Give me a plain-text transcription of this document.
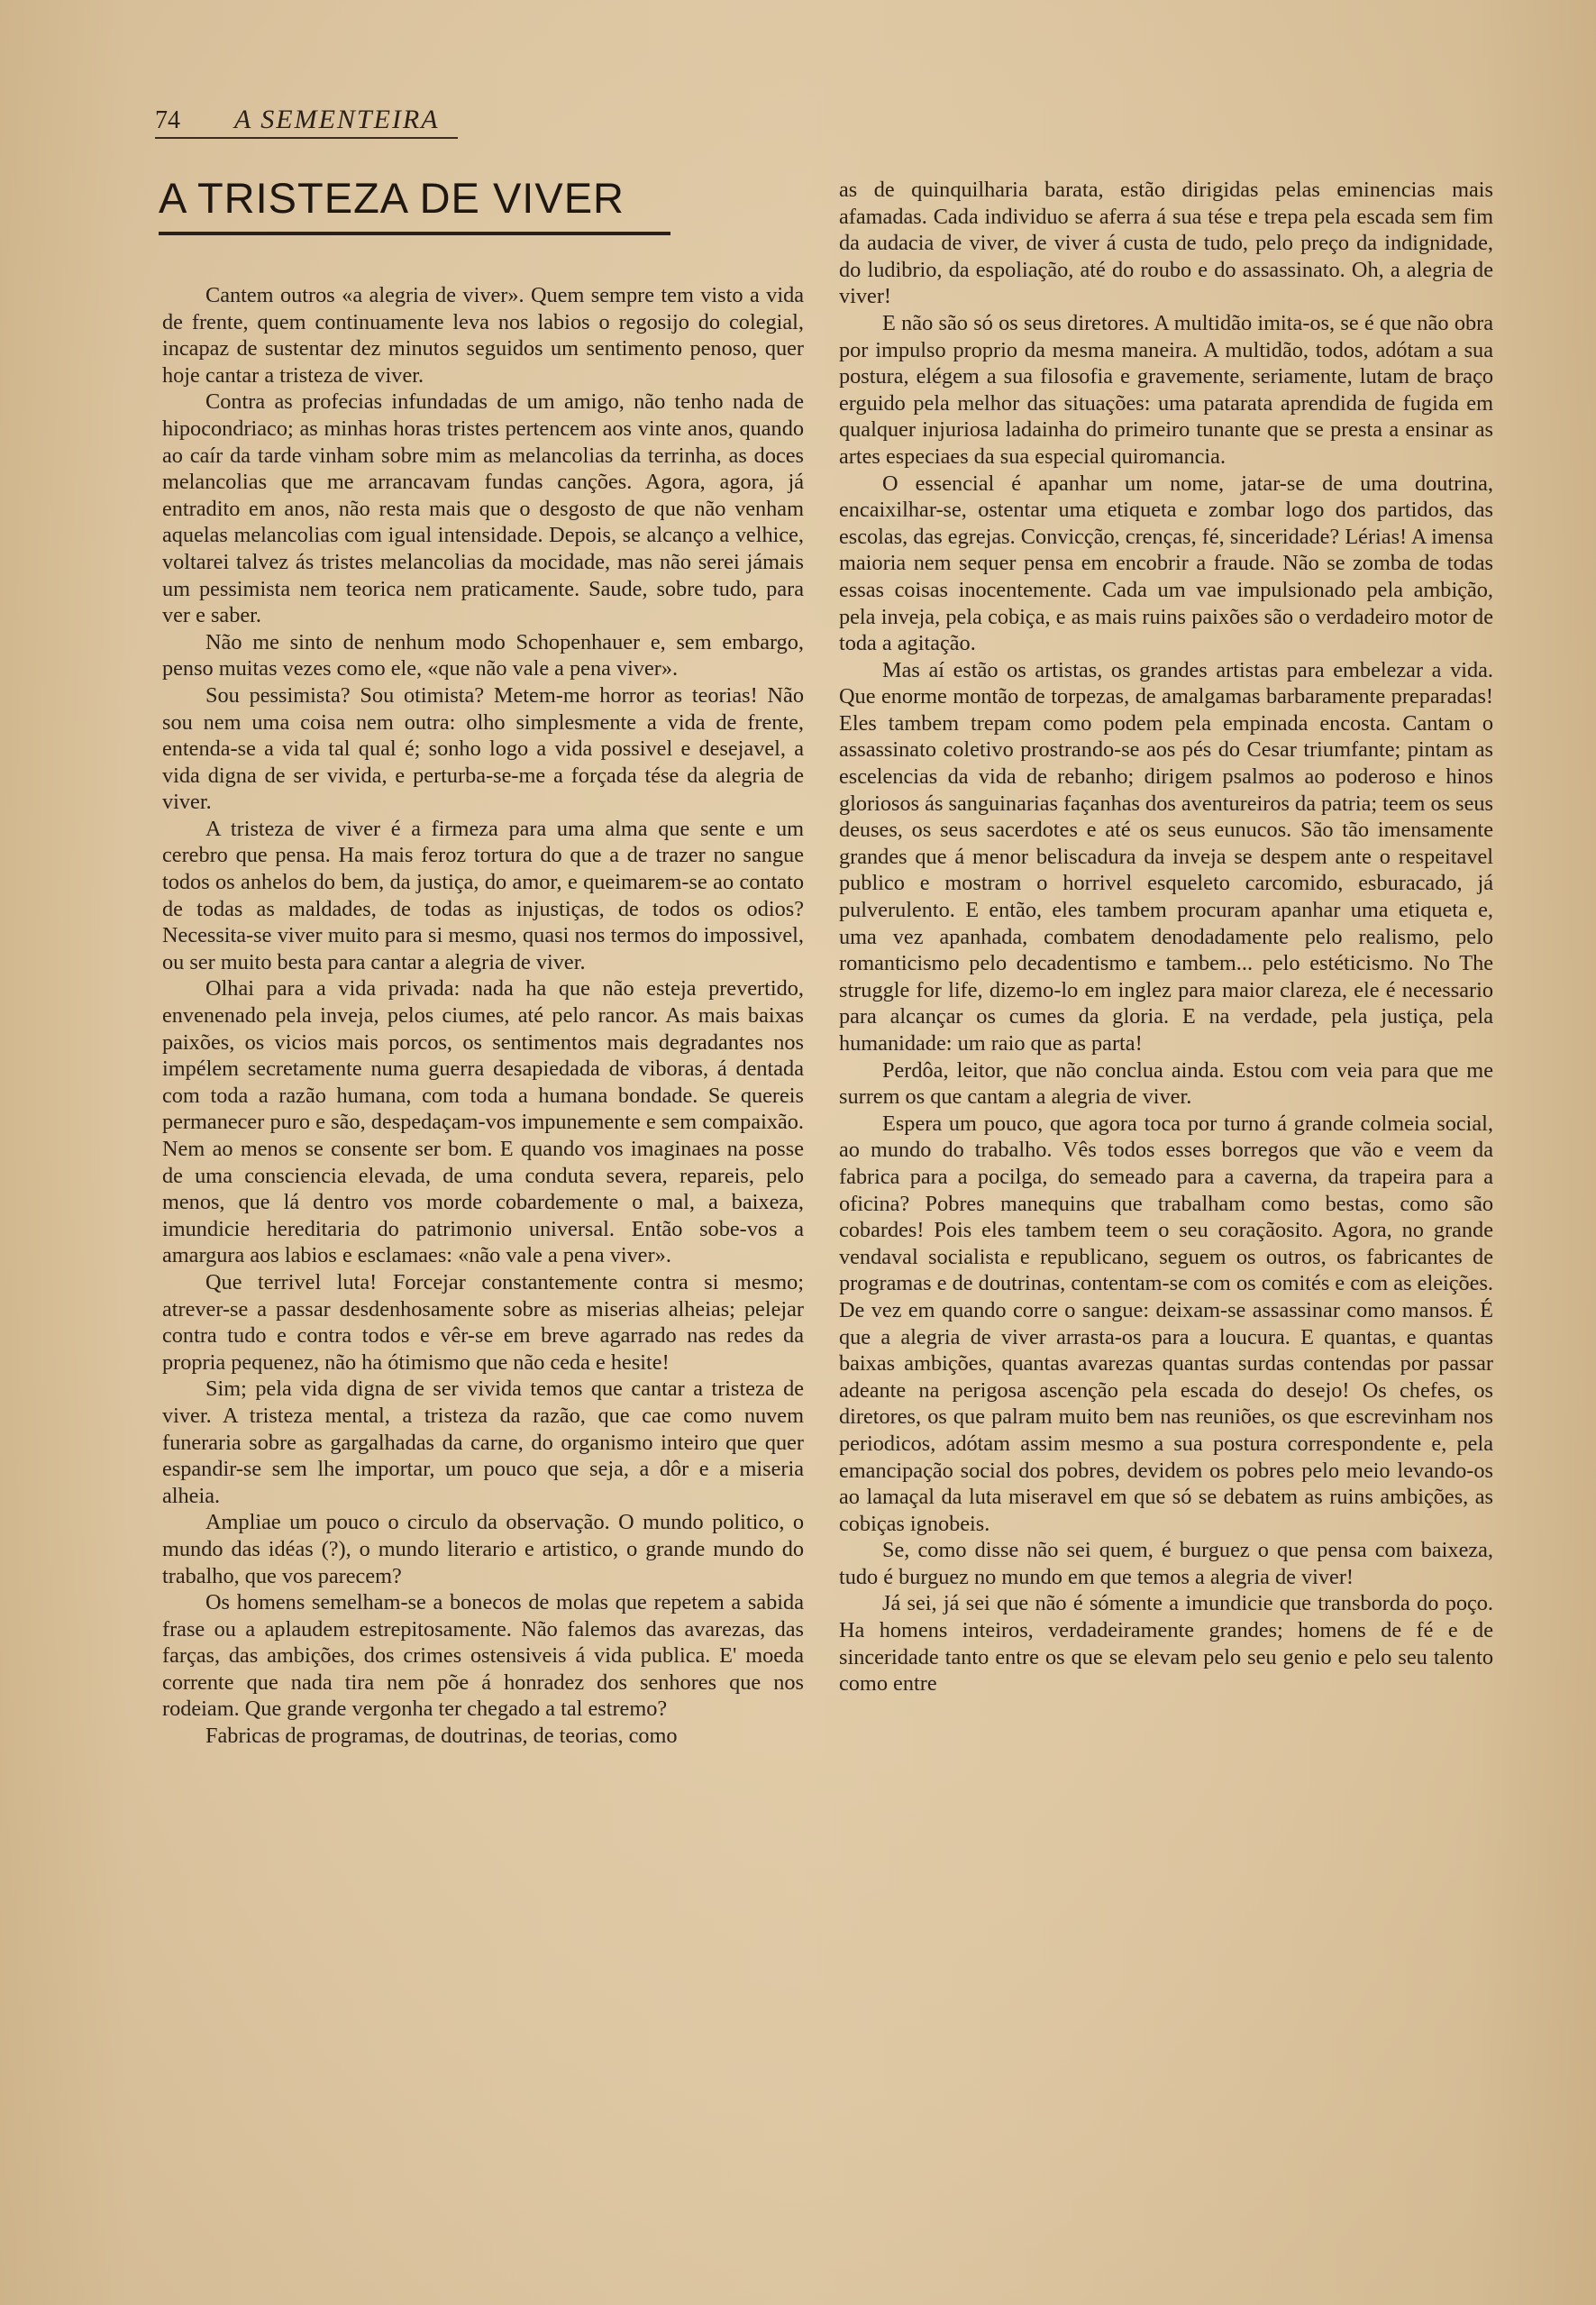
74 A SEMENTEIRA
A TRISTEZA DE VIVER

Cantem outros «a alegria de viver». Quem sempre tem visto a vida de frente, quem continuamente leva nos labios o regosijo do colegial, incapaz de sustentar dez minutos seguidos um sentimento penoso, quer hoje cantar a tristeza de viver.

Contra as profecias infundadas de um amigo, não tenho nada de hipocondriaco; as minhas horas tristes pertencem aos vinte anos, quando ao caír da tarde vinham sobre mim as melancolias da terrinha, as doces melancolias que me arrancavam fundas canções. Agora, agora, já entradito em anos, não resta mais que o desgosto de que não venham aquelas melancolias com igual intensidade. Depois, se alcanço a velhice, voltarei talvez ás tristes melancolias da mocidade, mas não serei jámais um pessimista nem teorica nem praticamente. Saude, sobre tudo, para ver e saber.

Não me sinto de nenhum modo Schopenhauer e, sem embargo, penso muitas vezes como ele, «que não vale a pena viver».

Sou pessimista? Sou otimista? Metem-me horror as teorias! Não sou nem uma coisa nem outra: olho simplesmente a vida de frente, entenda-se a vida tal qual é; sonho logo a vida possivel e desejavel, a vida digna de ser vivida, e perturba-se-me a forçada tése da alegria de viver.

A tristeza de viver é a firmeza para uma alma que sente e um cerebro que pensa. Ha mais feroz tortura do que a de trazer no sangue todos os anhelos do bem, da justiça, do amor, e queimarem-se ao contato de todas as maldades, de todas as injustiças, de todos os odios? Necessita-se viver muito para si mesmo, quasi nos termos do impossivel, ou ser muito besta para cantar a alegria de viver.

Olhai para a vida privada: nada ha que não esteja prevertido, envenenado pela inveja, pelos ciumes, até pelo rancor. As mais baixas paixões, os vicios mais porcos, os sentimentos mais degradantes nos impélem secretamente numa guerra desapiedada de viboras, á dentada com toda a razão humana, com toda a humana bondade. Se quereis permanecer puro e são, despedaçam-vos impunemente e sem compaixão. Nem ao menos se consente ser bom. E quando vos imaginaes na posse de uma consciencia elevada, de uma conduta severa, repareis, pelo menos, que lá dentro vos morde cobardemente o mal, a baixeza, imundicie hereditaria do patrimonio universal. Então sobe-vos a amargura aos labios e esclamaes: «não vale a pena viver».

Que terrivel luta! Forcejar constantemente contra si mesmo; atrever-se a passar desdenhosamente sobre as miserias alheias; pelejar contra tudo e contra todos e vêr-se em breve agarrado nas redes da propria pequenez, não ha ótimismo que não ceda e hesite!

Sim; pela vida digna de ser vivida temos que cantar a tristeza de viver. A tristeza mental, a tristeza da razão, que cae como nuvem funeraria sobre as gargalhadas da carne, do organismo inteiro que quer espandir-se sem lhe importar, um pouco que seja, a dôr e a miseria alheia.

Ampliae um pouco o circulo da observação. O mundo politico, o mundo das idéas (?), o mundo literario e artistico, o grande mundo do trabalho, que vos parecem?

Os homens semelham-se a bonecos de molas que repetem a sabida frase ou a aplaudem estrepitosamente. Não falemos das avarezas, das farças, das ambições, dos crimes ostensiveis á vida publica. E' moeda corrente que nada tira nem põe á honradez dos senhores que nos rodeiam. Que grande vergonha ter chegado a tal estremo?

Fabricas de programas, de doutrinas, de teorias, como

as de quinquilharia barata, estão dirigidas pelas eminencias mais afamadas. Cada individuo se aferra á sua tése e trepa pela escada sem fim da audacia de viver, de viver á custa de tudo, pelo preço da indignidade, do ludibrio, da espoliação, até do roubo e do assassinato. Oh, a alegria de viver!

E não são só os seus diretores. A multidão imita-os, se é que não obra por impulso proprio da mesma maneira. A multidão, todos, adótam a sua postura, elégem a sua filosofia e gravemente, seriamente, lutam de braço erguido pela melhor das situações: uma patarata aprendida de fugida em qualquer injuriosa ladainha do primeiro tunante que se presta a ensinar as artes especiaes da sua especial quiromancia.

O essencial é apanhar um nome, jatar-se de uma doutrina, encaixilhar-se, ostentar uma etiqueta e zombar logo dos partidos, das escolas, das egrejas. Convicção, crenças, fé, sinceridade? Lérias! A imensa maioria nem sequer pensa em encobrir a fraude. Não se zomba de todas essas coisas inocentemente. Cada um vae impulsionado pela ambição, pela inveja, pela cobiça, e as mais ruins paixões são o verdadeiro motor de toda a agitação.

Mas aí estão os artistas, os grandes artistas para embelezar a vida. Que enorme montão de torpezas, de amalgamas barbaramente preparadas! Eles tambem trepam como podem pela empinada encosta. Cantam o assassinato coletivo prostrando-se aos pés do Cesar triumfante; pintam as escelencias da vida de rebanho; dirigem psalmos ao poderoso e hinos gloriosos ás sanguinarias façanhas dos aventureiros da patria; teem os seus deuses, os seus sacerdotes e até os seus eunucos. São tão imensamente grandes que á menor beliscadura da inveja se despem ante o respeitavel publico e mostram o horrivel esqueleto carcomido, esburacado, já pulverulento. E então, eles tambem procuram apanhar uma etiqueta e, uma vez apanhada, combatem denodadamente pelo realismo, pelo romanticismo pelo decadentismo e tambem... pelo estéticismo. No The struggle for life, dizemo-lo em inglez para maior clareza, ele é necessario para alcançar os cumes da gloria. E na verdade, pela justiça, pela humanidade: um raio que as parta!

Perdôa, leitor, que não conclua ainda. Estou com veia para que me surrem os que cantam a alegria de viver.

Espera um pouco, que agora toca por turno á grande colmeia social, ao mundo do trabalho. Vês todos esses borregos que vão e veem da fabrica para a pocilga, do semeado para a caverna, da trapeira para a oficina? Pobres manequins que trabalham como bestas, como são cobardes! Pois eles tambem teem o seu coraçãosito. Agora, no grande vendaval socialista e republicano, seguem os outros, os fabricantes de programas e de doutrinas, contentam-se com os comités e com as eleições. De vez em quando corre o sangue: deixam-se assassinar como mansos. É que a alegria de viver arrasta-os para a loucura. E quantas, e quantas baixas ambições, quantas avarezas quantas surdas contendas por passar adeante na perigosa ascenção pela escada do desejo! Os chefes, os diretores, os que palram muito bem nas reuniões, os que escrevinham nos periodicos, adótam assim mesmo a sua postura correspondente e, pela emancipação social dos pobres, devidem os pobres pelo meio levando-os ao lamaçal da luta miseravel em que só se debatem as ruins ambições, as cobiças ignobeis.

Se, como disse não sei quem, é burguez o que pensa com baixeza, tudo é burguez no mundo em que temos a alegria de viver!

Já sei, já sei que não é sómente a imundicie que transborda do poço. Ha homens inteiros, verdadeiramente grandes; homens de fé e de sinceridade tanto entre os que se elevam pelo seu genio e pelo seu talento como entre
